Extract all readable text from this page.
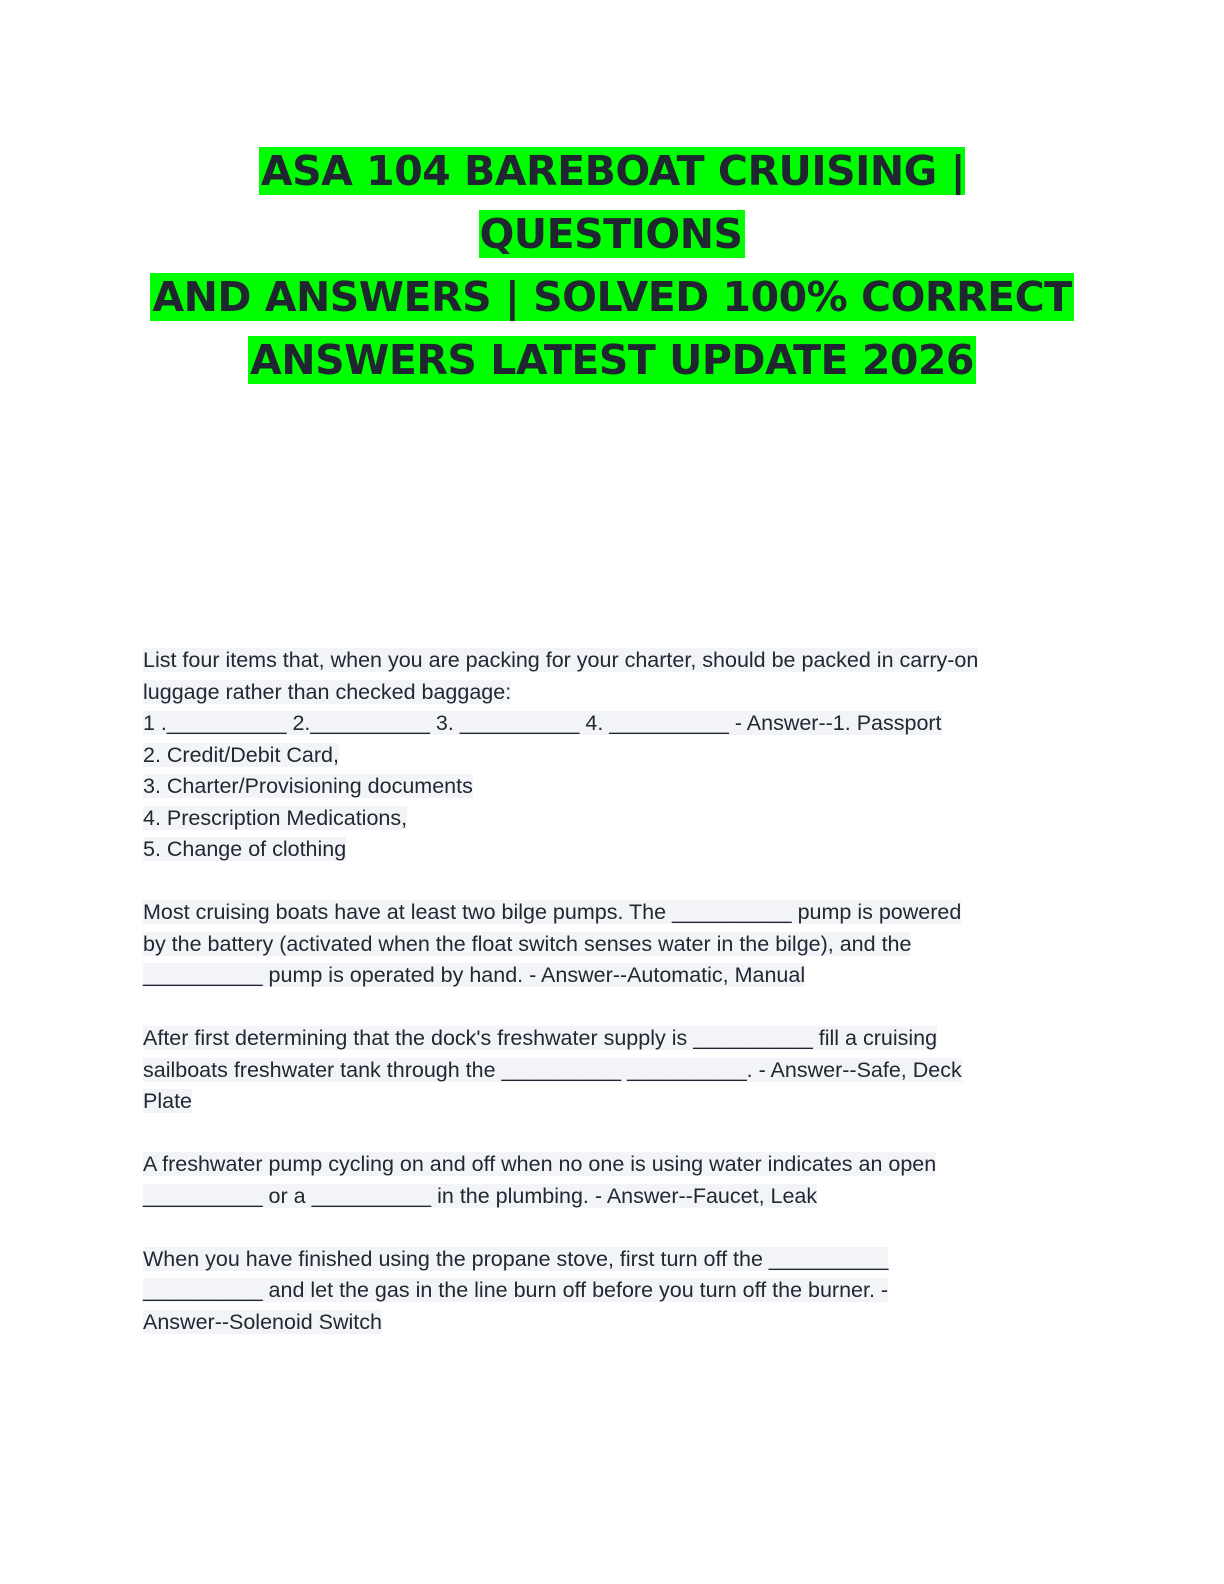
ASA 104 BAREBOAT CRUISING | QUESTIONS
AND ANSWERS | SOLVED 100% CORRECT
ANSWERS LATEST UPDATE 2026
List four items that, when you are packing for your charter, should be packed in carry-on
luggage rather than checked baggage:
1 .__________ 2.__________ 3. __________ 4. __________ - Answer--1. Passport
2. Credit/Debit Card,
3. Charter/Provisioning documents
4. Prescription Medications,
5. Change of clothing
Most cruising boats have at least two bilge pumps. The __________ pump is powered
by the battery (activated when the float switch senses water in the bilge), and the
__________ pump is operated by hand. - Answer--Automatic, Manual
After first determining that the dock's freshwater supply is __________ fill a cruising
sailboats freshwater tank through the __________ __________. - Answer--Safe, Deck
Plate
A freshwater pump cycling on and off when no one is using water indicates an open
__________ or a __________ in the plumbing. - Answer--Faucet, Leak
When you have finished using the propane stove, first turn off the __________
__________ and let the gas in the line burn off before you turn off the burner. -
Answer--Solenoid Switch
